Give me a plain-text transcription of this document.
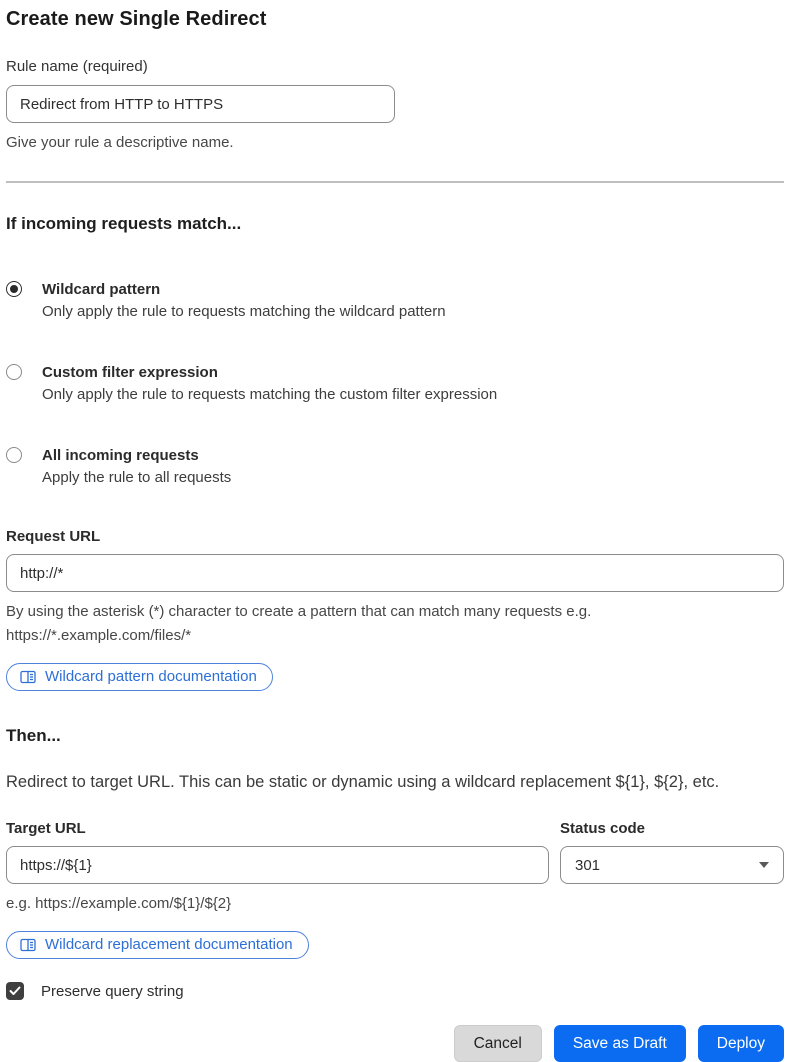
Create new Single Redirect
Rule name (required)
Redirect from HTTP to HTTPS
Give your rule a descriptive name.
If incoming requests match...
Wildcard pattern
Only apply the rule to requests matching the wildcard pattern
Custom filter expression
Only apply the rule to requests matching the custom filter expression
All incoming requests
Apply the rule to all requests
Request URL
http://*
By using the asterisk (*) character to create a pattern that can match many requests e.g. https://*.example.com/files/*
Wildcard pattern documentation
Then...
Redirect to target URL. This can be static or dynamic using a wildcard replacement ${1}, ${2}, etc.
Target URL
https://${1}
e.g. https://example.com/${1}/${2}
Status code
301
Wildcard replacement documentation
Preserve query string
Cancel	Save as Draft	Deploy
